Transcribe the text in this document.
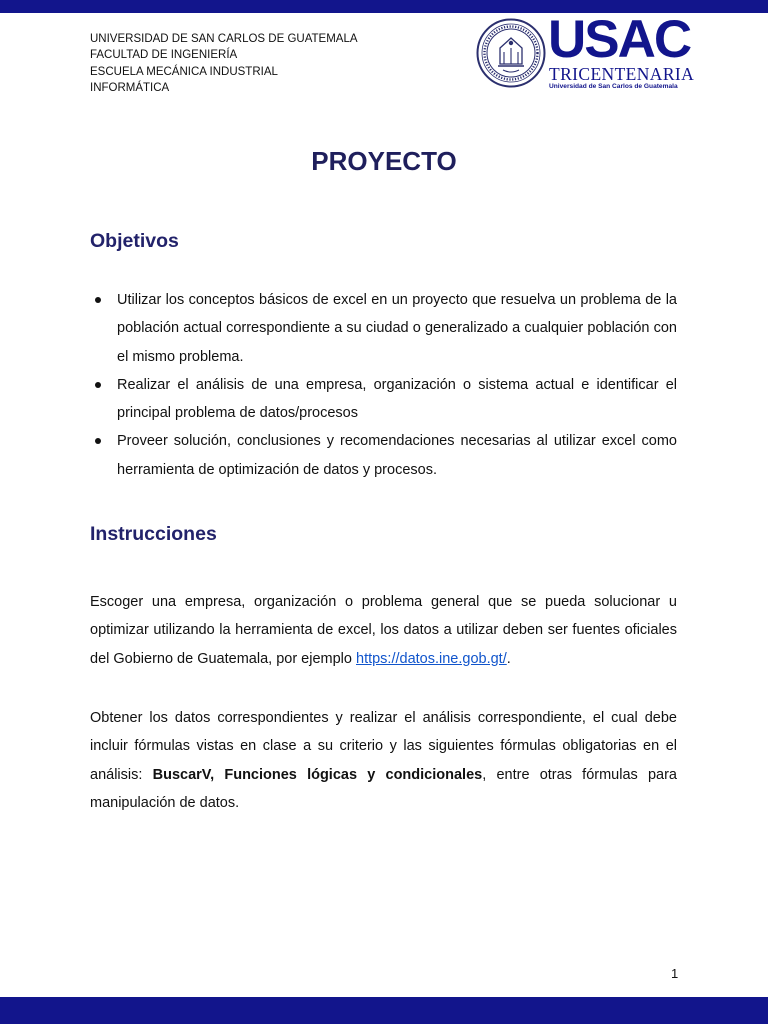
UNIVERSIDAD DE SAN CARLOS DE GUATEMALA
FACULTAD DE INGENIERÍA
ESCUELA MECÁNICA INDUSTRIAL
INFORMÁTICA
USAC
TRICENTENARIA
Universidad de San Carlos de Guatemala
PROYECTO
Objetivos
Utilizar los conceptos básicos de excel en un proyecto que resuelva un problema de la población actual correspondiente a su ciudad o generalizado a cualquier población con el mismo problema.
Realizar el análisis de una empresa, organización o sistema actual e identificar el principal problema de datos/procesos
Proveer solución, conclusiones y recomendaciones necesarias al utilizar excel como herramienta de optimización de datos y procesos.
Instrucciones

Escoger una empresa, organización o problema general que se pueda solucionar u optimizar utilizando la herramienta de excel, los datos a utilizar deben ser fuentes oficiales del Gobierno de Guatemala, por ejemplo https://datos.ine.gob.gt/.

Obtener los datos correspondientes y realizar el análisis correspondiente, el cual debe incluir fórmulas vistas en clase a su criterio y las siguientes fórmulas obligatorias en el análisis: BuscarV, Funciones lógicas y condicionales, entre otras fórmulas para manipulación de datos.

1
